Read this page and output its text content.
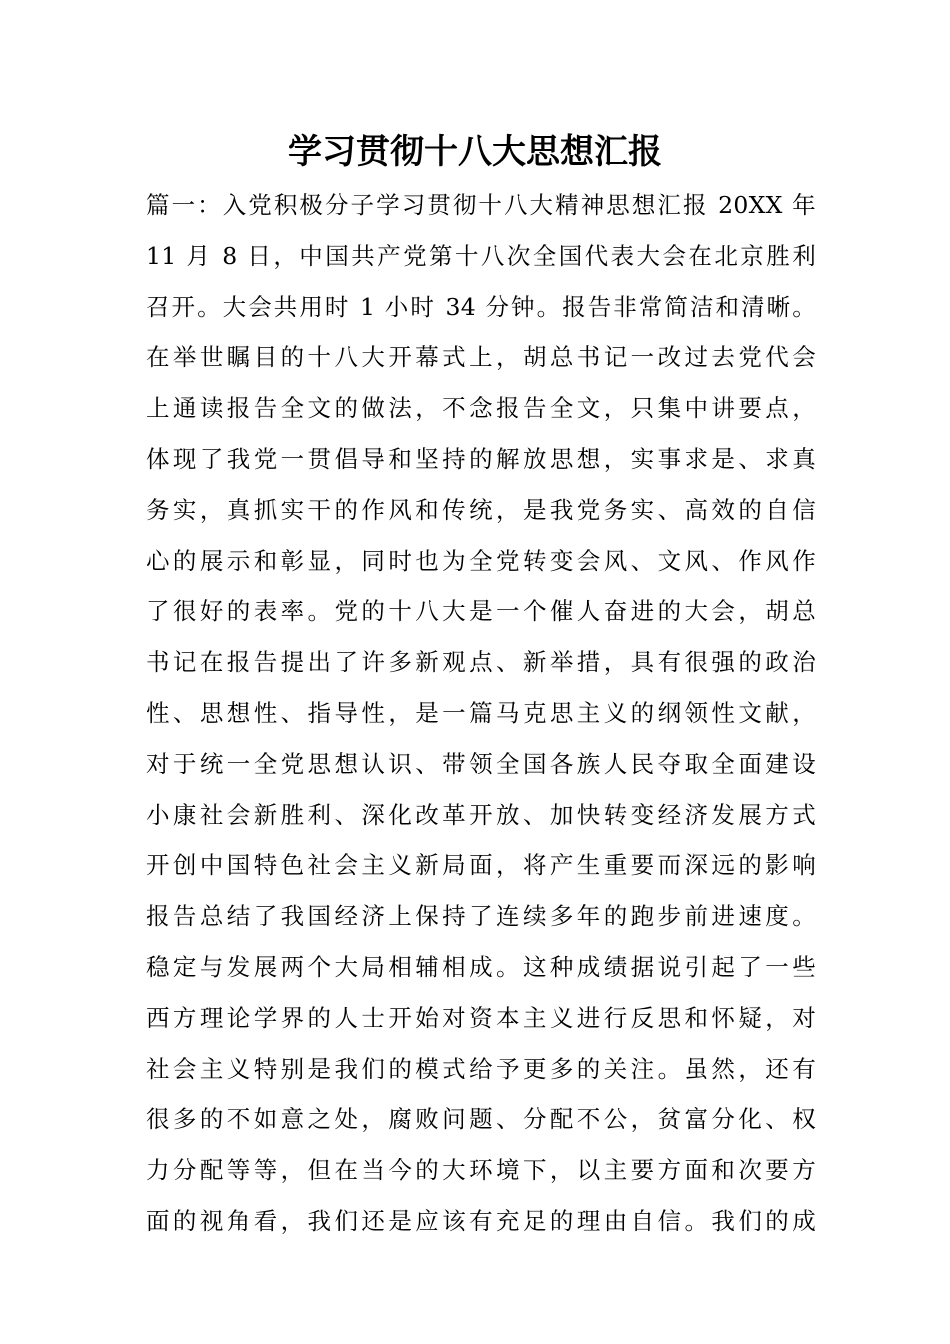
学习贯彻十八大思想汇报
篇一：入党积极分子学习贯彻十八大精神思想汇报 20XX 年
11 月 8 日，中国共产党第十八次全国代表大会在北京胜利
召开。大会共用时 1 小时 34 分钟。报告非常简洁和清晰。
在举世瞩目的十八大开幕式上，胡总书记一改过去党代会
上通读报告全文的做法，不念报告全文，只集中讲要点，
体现了我党一贯倡导和坚持的解放思想，实事求是、求真
务实，真抓实干的作风和传统，是我党务实、高效的自信
心的展示和彰显，同时也为全党转变会风、文风、作风作
了很好的表率。党的十八大是一个催人奋进的大会，胡总
书记在报告提出了许多新观点、新举措，具有很强的政治
性、思想性、指导性，是一篇马克思主义的纲领性文献，
对于统一全党思想认识、带领全国各族人民夺取全面建设
小康社会新胜利、深化改革开放、加快转变经济发展方式
开创中国特色社会主义新局面，将产生重要而深远的影响
报告总结了我国经济上保持了连续多年的跑步前进速度。
稳定与发展两个大局相辅相成。这种成绩据说引起了一些
西方理论学界的人士开始对资本主义进行反思和怀疑，对
社会主义特别是我们的模式给予更多的关注。虽然，还有
很多的不如意之处，腐败问题、分配不公，贫富分化、权
力分配等等，但在当今的大环境下，以主要方面和次要方
面的视角看，我们还是应该有充足的理由自信。我们的成
